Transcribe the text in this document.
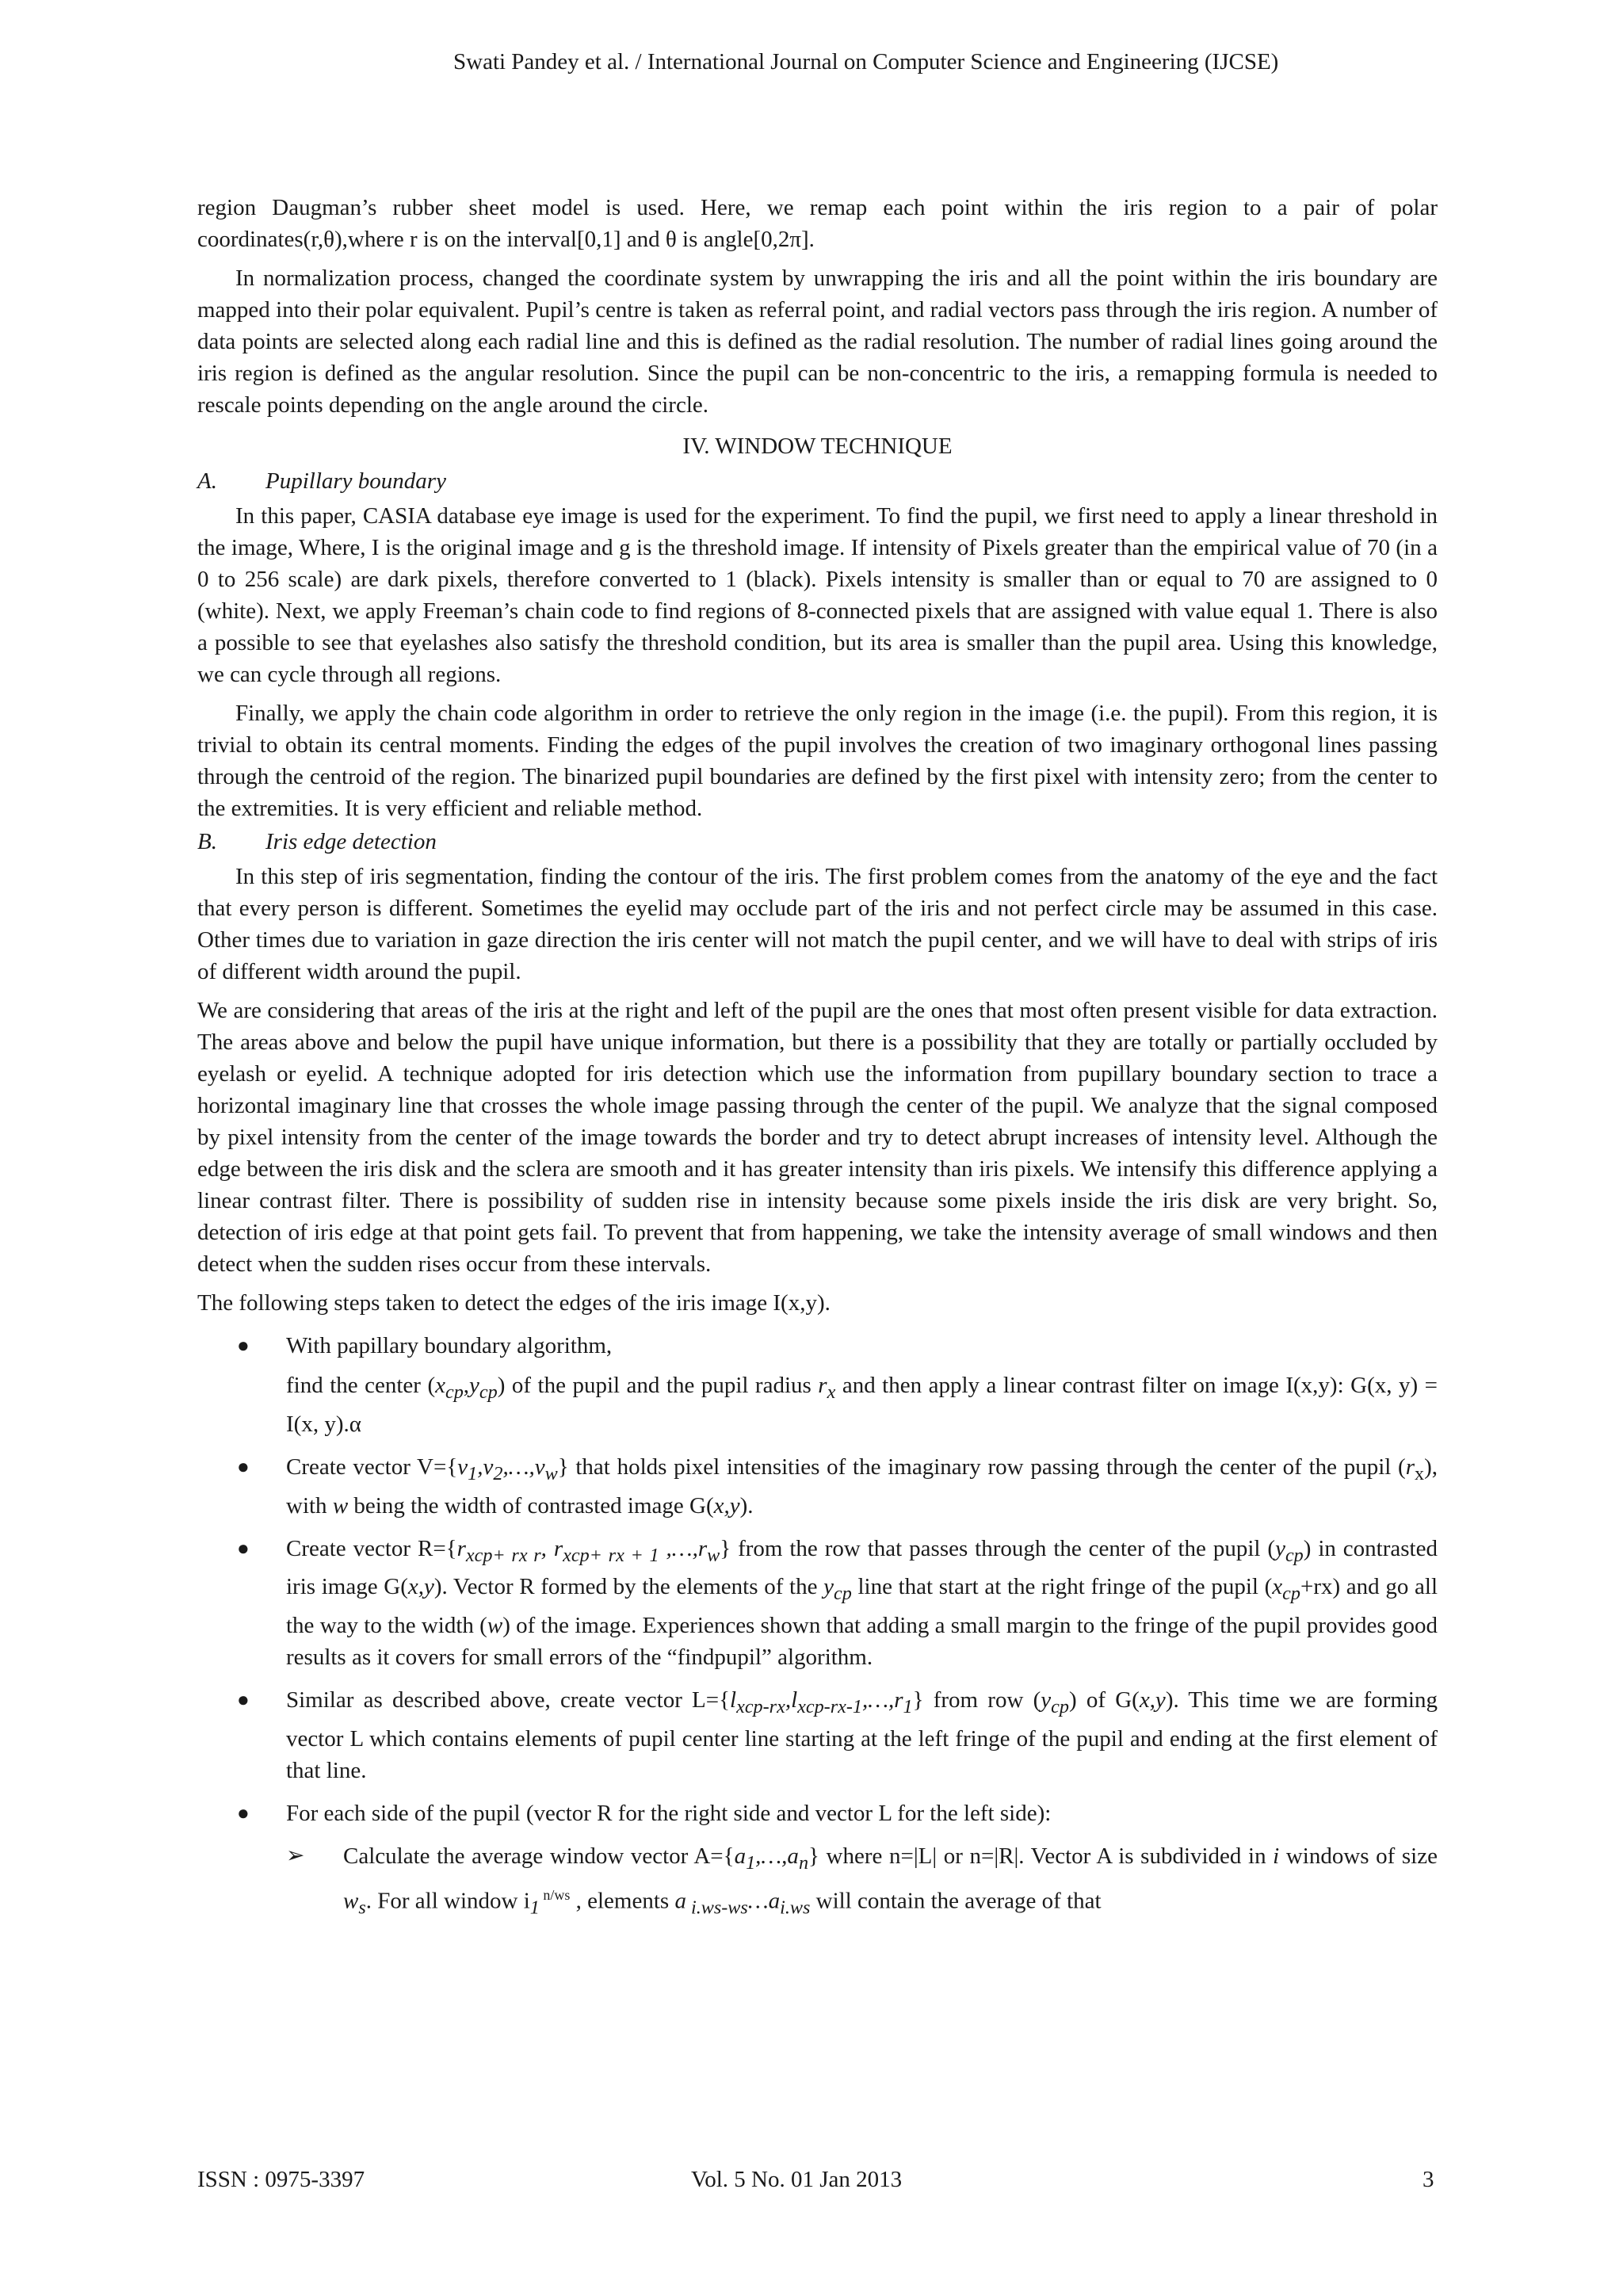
Swati Pandey et al. / International Journal on Computer Science and Engineering (IJCSE)

region Daugman’s rubber sheet model is used. Here, we remap each point within the iris region to a pair of polar coordinates(r,θ),where r is on the interval[0,1] and θ is angle[0,2π].

In normalization process, changed the coordinate system by unwrapping the iris and all the point within the iris boundary are mapped into their polar equivalent. Pupil’s centre is taken as referral point, and radial vectors pass through the iris region. A number of data points are selected along each radial line and this is defined as the radial resolution. The number of radial lines going around the iris region is defined as the angular resolution. Since the pupil can be non-concentric to the iris, a remapping formula is needed to rescale points depending on the angle around the circle.

IV. WINDOW TECHNIQUE
A. Pupillary boundary

In this paper, CASIA database eye image is used for the experiment. To find the pupil, we first need to apply a linear threshold in the image, Where, I is the original image and g is the threshold image. If intensity of Pixels greater than the empirical value of 70 (in a 0 to 256 scale) are dark pixels, therefore converted to 1 (black). Pixels intensity is smaller than or equal to 70 are assigned to 0 (white). Next, we apply Freeman’s chain code to find regions of 8-connected pixels that are assigned with value equal 1. There is also a possible to see that eyelashes also satisfy the threshold condition, but its area is smaller than the pupil area. Using this knowledge, we can cycle through all regions.

Finally, we apply the chain code algorithm in order to retrieve the only region in the image (i.e. the pupil). From this region, it is trivial to obtain its central moments. Finding the edges of the pupil involves the creation of two imaginary orthogonal lines passing through the centroid of the region. The binarized pupil boundaries are defined by the first pixel with intensity zero; from the center to the extremities. It is very efficient and reliable method.

B. Iris edge detection

In this step of iris segmentation, finding the contour of the iris. The first problem comes from the anatomy of the eye and the fact that every person is different. Sometimes the eyelid may occlude part of the iris and not perfect circle may be assumed in this case. Other times due to variation in gaze direction the iris center will not match the pupil center, and we will have to deal with strips of iris of different width around the pupil.

We are considering that areas of the iris at the right and left of the pupil are the ones that most often present visible for data extraction. The areas above and below the pupil have unique information, but there is a possibility that they are totally or partially occluded by eyelash or eyelid. A technique adopted for iris detection which use the information from pupillary boundary section to trace a horizontal imaginary line that crosses the whole image passing through the center of the pupil. We analyze that the signal composed by pixel intensity from the center of the image towards the border and try to detect abrupt increases of intensity level. Although the edge between the iris disk and the sclera are smooth and it has greater intensity than iris pixels. We intensify this difference applying a linear contrast filter. There is possibility of sudden rise in intensity because some pixels inside the iris disk are very bright. So, detection of iris edge at that point gets fail. To prevent that from happening, we take the intensity average of small windows and then detect when the sudden rises occur from these intervals.

The following steps taken to detect the edges of the iris image I(x,y).

● With papillary boundary algorithm,
find the center $(x_{cp},y_{cp})$ of the pupil and the pupil radius $r_x$ and then apply a linear contrast filter on image I(x,y): G(x, y) = I(x, y).α
● Create vector $V=\{v_1,v_2,\dots,v_w\}$ that holds pixel intensities of the imaginary row passing through the center of the pupil $(r_x)$, with w being the width of contrasted image G(x,y).
● Create vector $R=\{r_{xcp+ rx r}$, $r_{xcp+ rx + 1}$ $,\dots,r_w$} from the row that passes through the center of the pupil $(y_{cp})$ in contrasted iris image G(x,y). Vector R formed by the elements of the $y_{cp}$ line that start at the right fringe of the pupil $(x_{cp}+rx)$ and go all the way to the width (w) of the image. Experiences shown that adding a small margin to the fringe of the pupil provides good results as it covers for small errors of the “findpupil” algorithm.
● Similar as described above, create vector $L=\{l_{xcp-rx},l_{xcp-rx-1},\dots,r_1\}$ from row $(y_{cp})$ of G(x,y). This time we are forming vector L which contains elements of pupil center line starting at the left fringe of the pupil and ending at the first element of that line.
● For each side of the pupil (vector R for the right side and vector L for the left side):
➢ Calculate the average window vector $A=\{a_1,\dots,a_n\}$ where n=|L| or n=|R|. Vector A is subdivided in i windows of size $w_s$. For all window $i_1$ $^{n/ws}$ , elements a $_{i.ws-ws}\dots a_{i.ws}$ will contain the average of that
ISSN : 0975-3397	Vol. 5 No. 01 Jan 2013	3
